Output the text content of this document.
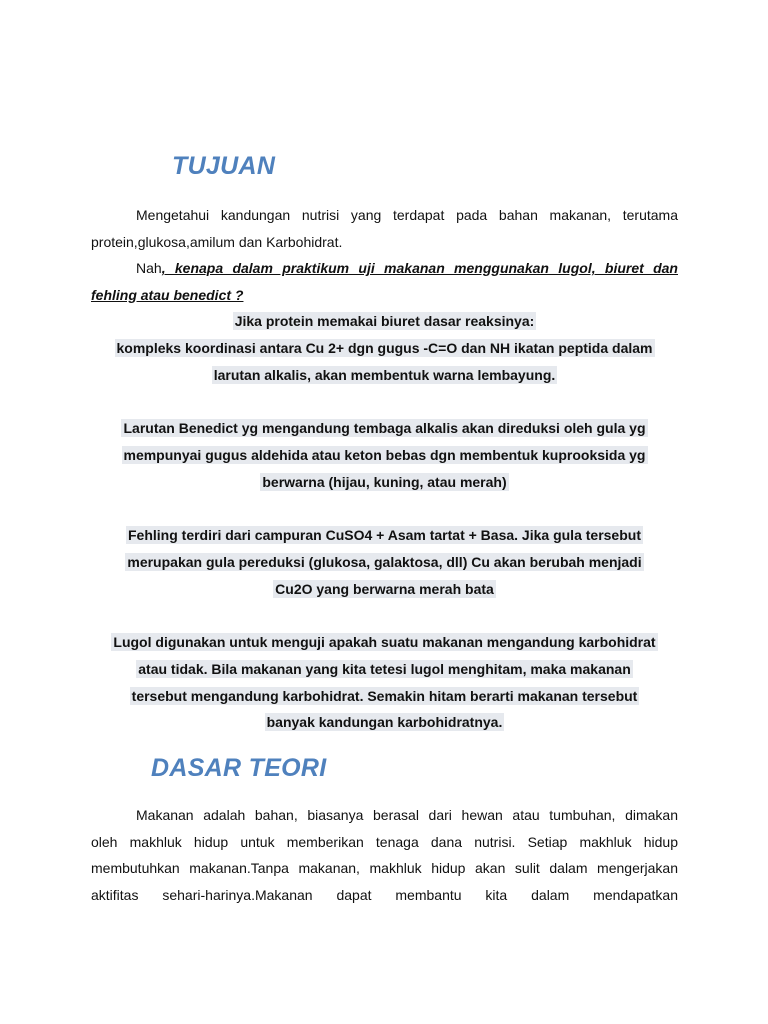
TUJUAN

Mengetahui kandungan nutrisi yang terdapat pada bahan makanan, terutama protein,glukosa,amilum dan Karbohidrat.

Nah, kenapa dalam praktikum uji makanan menggunakan lugol, biuret dan fehling atau benedict ?

Jika protein memakai biuret dasar reaksinya:
kompleks koordinasi antara Cu 2+ dgn gugus -C=O dan NH ikatan peptida dalam
larutan alkalis, akan membentuk warna lembayung.
Larutan Benedict yg mengandung tembaga alkalis akan direduksi oleh gula yg
mempunyai gugus aldehida atau keton bebas dgn membentuk kuprooksida yg
berwarna (hijau, kuning, atau merah)
Fehling terdiri dari campuran CuSO4 + Asam tartat + Basa. Jika gula tersebut
merupakan gula pereduksi (glukosa, galaktosa, dll) Cu akan berubah menjadi
Cu2O yang berwarna merah bata
Lugol digunakan untuk menguji apakah suatu makanan mengandung karbohidrat
atau tidak. Bila makanan yang kita tetesi lugol menghitam, maka makanan
tersebut mengandung karbohidrat. Semakin hitam berarti makanan tersebut
banyak kandungan karbohidratnya.
DASAR TEORI
Makanan adalah bahan, biasanya berasal dari hewan atau tumbuhan, dimakan
oleh makhluk hidup untuk memberikan tenaga dana nutrisi. Setiap makhluk hidup
membutuhkan makanan.Tanpa makanan, makhluk hidup akan sulit dalam mengerjakan
aktifitas sehari-harinya.Makanan dapat membantu kita dalam mendapatkan
